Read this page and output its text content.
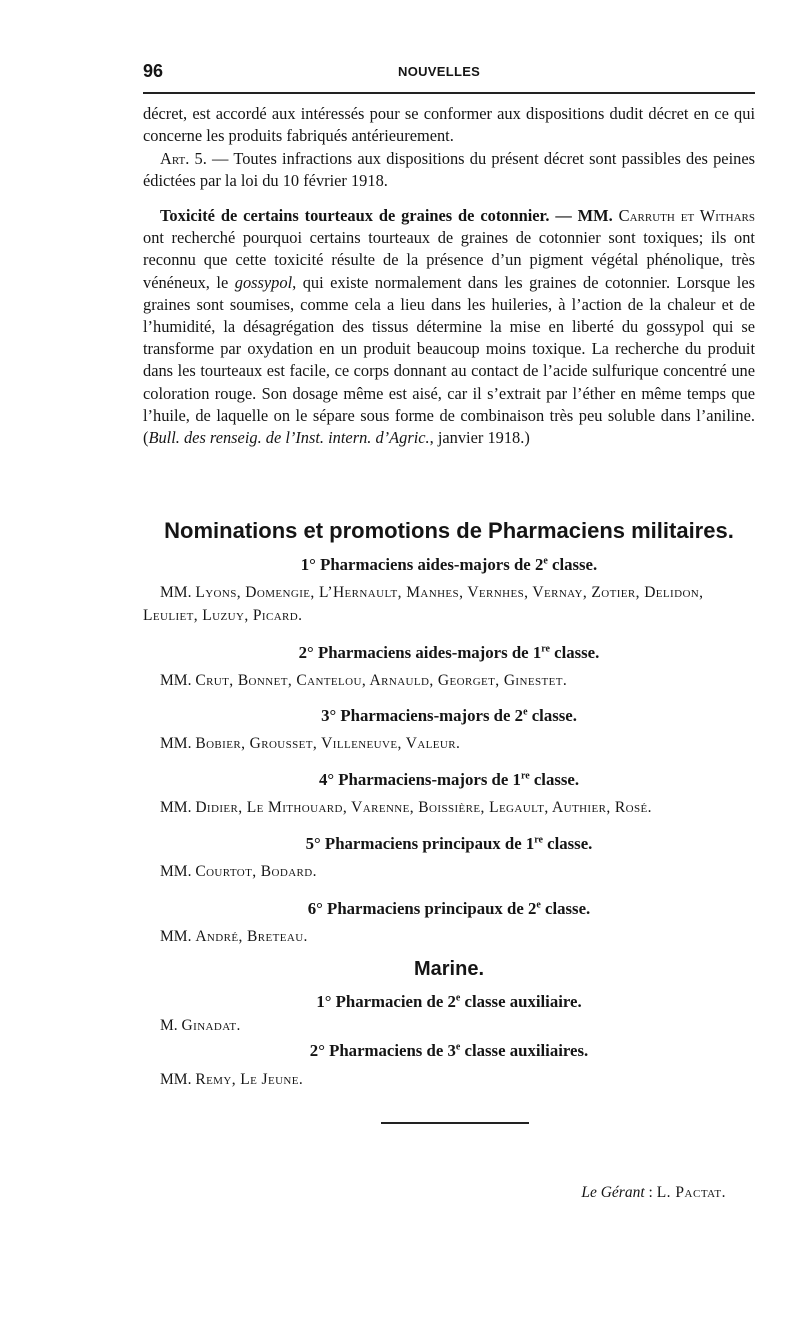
96	NOUVELLES

décret, est accordé aux intéressés pour se conformer aux dispositions dudit décret en ce qui concerne les produits fabriqués antérieurement.

Art. 5. — Toutes infractions aux dispositions du présent décret sont passibles des peines édictées par la loi du 10 février 1918.

Toxicité de certains tourteaux de graines de cotonnier. — MM. Carruth et Withars ont recherché pourquoi certains tourteaux de graines de cotonnier sont toxiques; ils ont reconnu que cette toxicité résulte de la présence d’un pigment végétal phénolique, très vénéneux, le gossypol, qui existe normalement dans les graines de cotonnier. Lorsque les graines sont soumises, comme cela a lieu dans les huileries, à l’action de la chaleur et de l’humidité, la désagrégation des tissus détermine la mise en liberté du gossypol qui se transforme par oxydation en un produit beaucoup moins toxique. La recherche du produit dans les tourteaux est facile, ce corps donnant au contact de l’acide sulfurique concentré une coloration rouge. Son dosage même est aisé, car il s’extrait par l’éther en même temps que l’huile, de laquelle on le sépare sous forme de combinaison très peu soluble dans l’aniline. (Bull. des renseig. de l’Inst. intern. d’Agric., janvier 1918.)

Nominations et promotions de Pharmaciens militaires.
1° Pharmaciens aides-majors de 2e classe.

MM. Lyons, Domengie, L’Hernault, Manhes, Vernhes, Vernay, Zotier, Delidon, Leuliet, Luzuy, Picard.

2° Pharmaciens aides-majors de 1re classe.

MM. Crut, Bonnet, Cantelou, Arnauld, Georget, Ginestet.

3° Pharmaciens-majors de 2e classe.

MM. Bobier, Grousset, Villeneuve, Valeur.

4° Pharmaciens-majors de 1re classe.

MM. Didier, Le Mithouard, Varenne, Boissière, Legault, Authier, Rosé.

5° Pharmaciens principaux de 1re classe.

MM. Courtot, Bodard.

6° Pharmaciens principaux de 2e classe.

MM. André, Breteau.

Marine.
1° Pharmacien de 2e classe auxiliaire.

M. Ginadat.

2° Pharmaciens de 3e classe auxiliaires.

MM. Remy, Le Jeune.

Le Gérant : L. Pactat.
